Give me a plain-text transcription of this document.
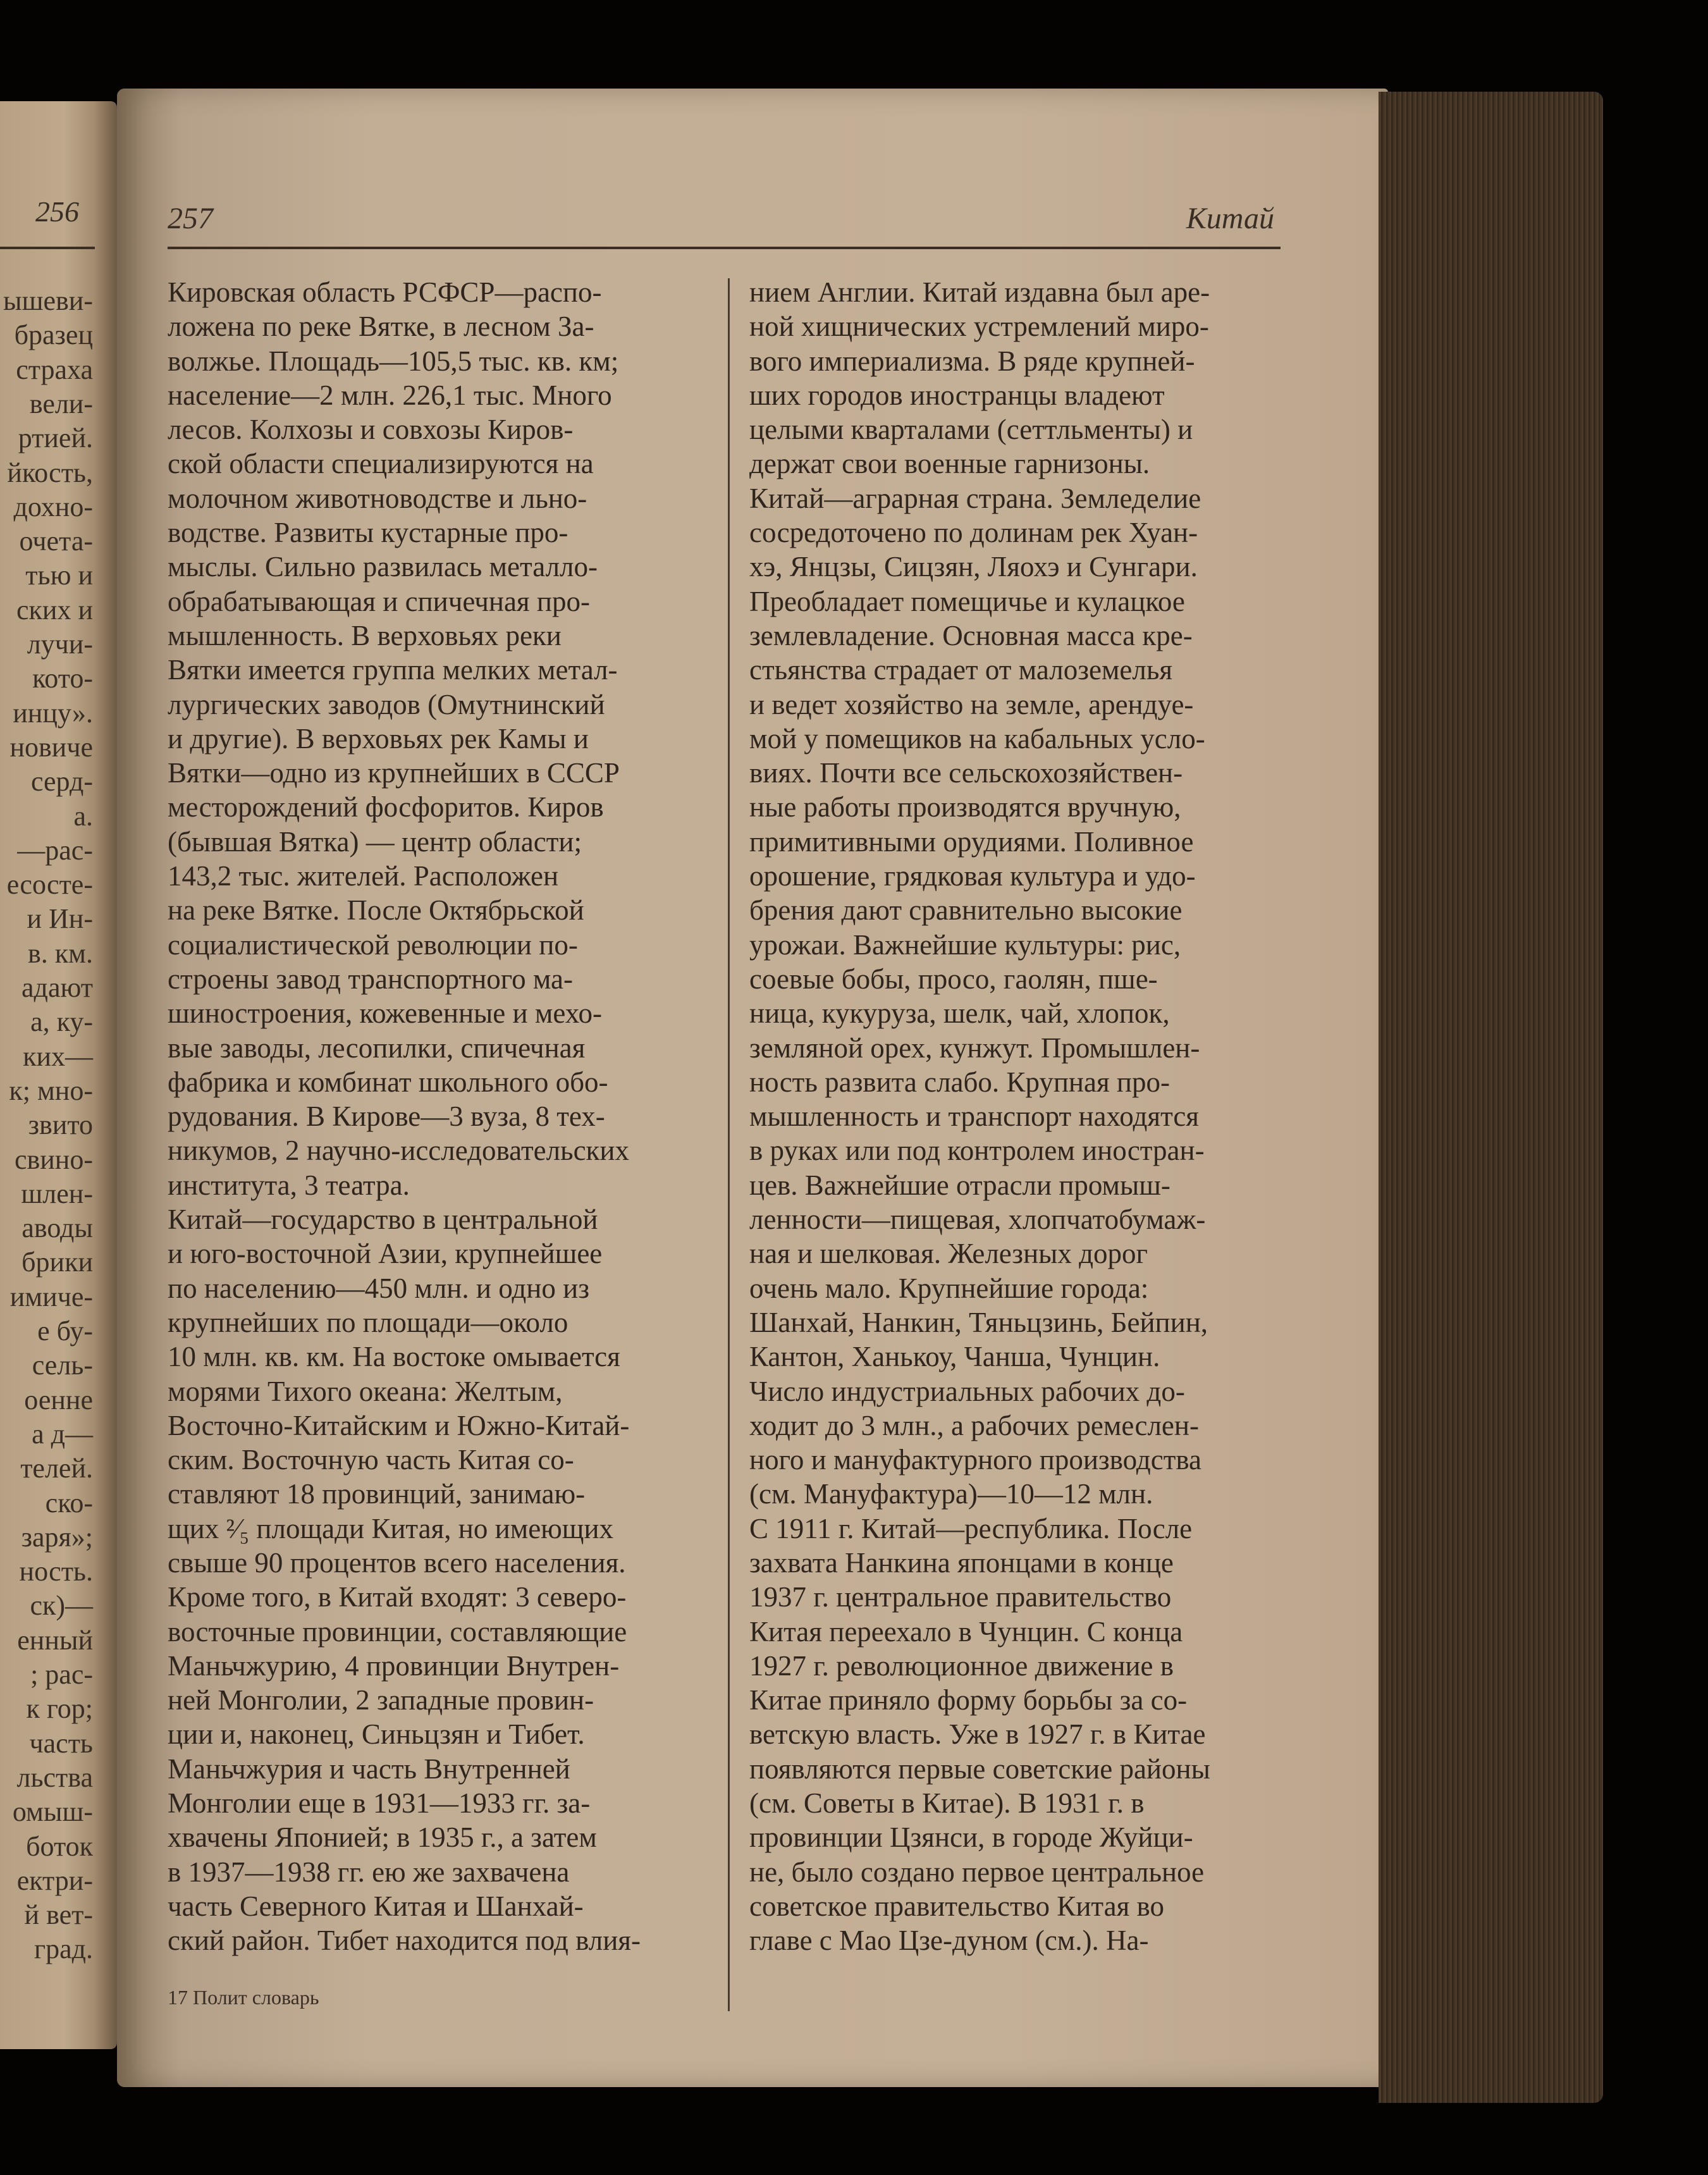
256
ышеви-
бразец
страха
вели-
ртией.
йкость,
дохно-
очета-
тью и
ских и
лучи-
кото-
инцу».
новиче
серд-
а.
—рас-
есосте-
и Ин-
в. км.
адают
а, ку-
ких—
к; мно-
звито
свино-
шлен-
аводы
брики
имиче-
е бу-
сель-
оенне
а д—
телей.
ско-
заря»;
ность.
ск)—
енный
; рас-
к гор;
часть
льства
омыш-
боток
ектри-
й вет-
град.
257	Китай
Кировская область РСФСР—распо-
ложена по реке Вятке, в лесном За-
волжье. Площадь—105,5 тыс. кв. км;
население—2 млн. 226,1 тыс. Много
лесов. Колхозы и совхозы Киров-
ской области специализируются на
молочном животноводстве и льно-
водстве. Развиты кустарные про-
мыслы. Сильно развилась металло-
обрабатывающая и спичечная про-
мышленность. В верховьях реки
Вятки имеется группа мелких метал-
лургических заводов (Омутнинский
и другие). В верховьях рек Камы и
Вятки—одно из крупнейших в СССР
месторождений фосфоритов. Киров
(бывшая Вятка) — центр области;
143,2 тыс. жителей. Расположен
на реке Вятке. После Октябрьской
социалистической революции по-
строены завод транспортного ма-
шиностроения, кожевенные и мехо-
вые заводы, лесопилки, спичечная
фабрика и комбинат школьного обо-
рудования. В Кирове—3 вуза, 8 тех-
никумов, 2 научно-исследовательских
института, 3 театра.
Китай—государство в центральной
и юго-восточной Азии, крупнейшее
по населению—450 млн. и одно из
крупнейших по площади—около
10 млн. кв. км. На востоке омывается
морями Тихого океана: Желтым,
Восточно-Китайским и Южно-Китай-
ским. Восточную часть Китая со-
ставляют 18 провинций, занимаю-
щих ²⁄₅ площади Китая, но имеющих
свыше 90 процентов всего населения.
Кроме того, в Китай входят: 3 северо-
восточные провинции, составляющие
Маньчжурию, 4 провинции Внутрен-
ней Монголии, 2 западные провин-
ции и, наконец, Синьцзян и Тибет.
Маньчжурия и часть Внутренней
Монголии еще в 1931—1933 гг. за-
хвачены Японией; в 1935 г., а затем
в 1937—1938 гг. ею же захвачена
часть Северного Китая и Шанхай-
ский район. Тибет находится под влия-
нием Англии. Китай издавна был аре-
ной хищнических устремлений миро-
вого империализма. В ряде крупней-
ших городов иностранцы владеют
целыми кварталами (сеттльменты) и
держат свои военные гарнизоны.
Китай—аграрная страна. Земледелие
сосредоточено по долинам рек Хуан-
хэ, Янцзы, Сицзян, Ляохэ и Сунгари.
Преобладает помещичье и кулацкое
землевладение. Основная масса кре-
стьянства страдает от малоземелья
и ведет хозяйство на земле, арендуе-
мой у помещиков на кабальных усло-
виях. Почти все сельскохозяйствен-
ные работы производятся вручную,
примитивными орудиями. Поливное
орошение, грядковая культура и удо-
брения дают сравнительно высокие
урожаи. Важнейшие культуры: рис,
соевые бобы, просо, гаолян, пше-
ница, кукуруза, шелк, чай, хлопок,
земляной орех, кунжут. Промышлен-
ность развита слабо. Крупная про-
мышленность и транспорт находятся
в руках или под контролем иностран-
цев. Важнейшие отрасли промыш-
ленности—пищевая, хлопчатобумаж-
ная и шелковая. Железных дорог
очень мало. Крупнейшие города:
Шанхай, Нанкин, Тяньцзинь, Бейпин,
Кантон, Ханькоу, Чанша, Чунцин.
Число индустриальных рабочих до-
ходит до 3 млн., а рабочих ремеслен-
ного и мануфактурного производства
(см. Мануфактура)—10—12 млн.
С 1911 г. Китай—республика. После
захвата Нанкина японцами в конце
1937 г. центральное правительство
Китая переехало в Чунцин. С конца
1927 г. революционное движение в
Китае приняло форму борьбы за со-
ветскую власть. Уже в 1927 г. в Китае
появляются первые советские районы
(см. Советы в Китае). В 1931 г. в
провинции Цзянси, в городе Жуйци-
не, было создано первое центральное
советское правительство Китая во
главе с Мао Цзе-дуном (см.). На-
17 Полит словарь
